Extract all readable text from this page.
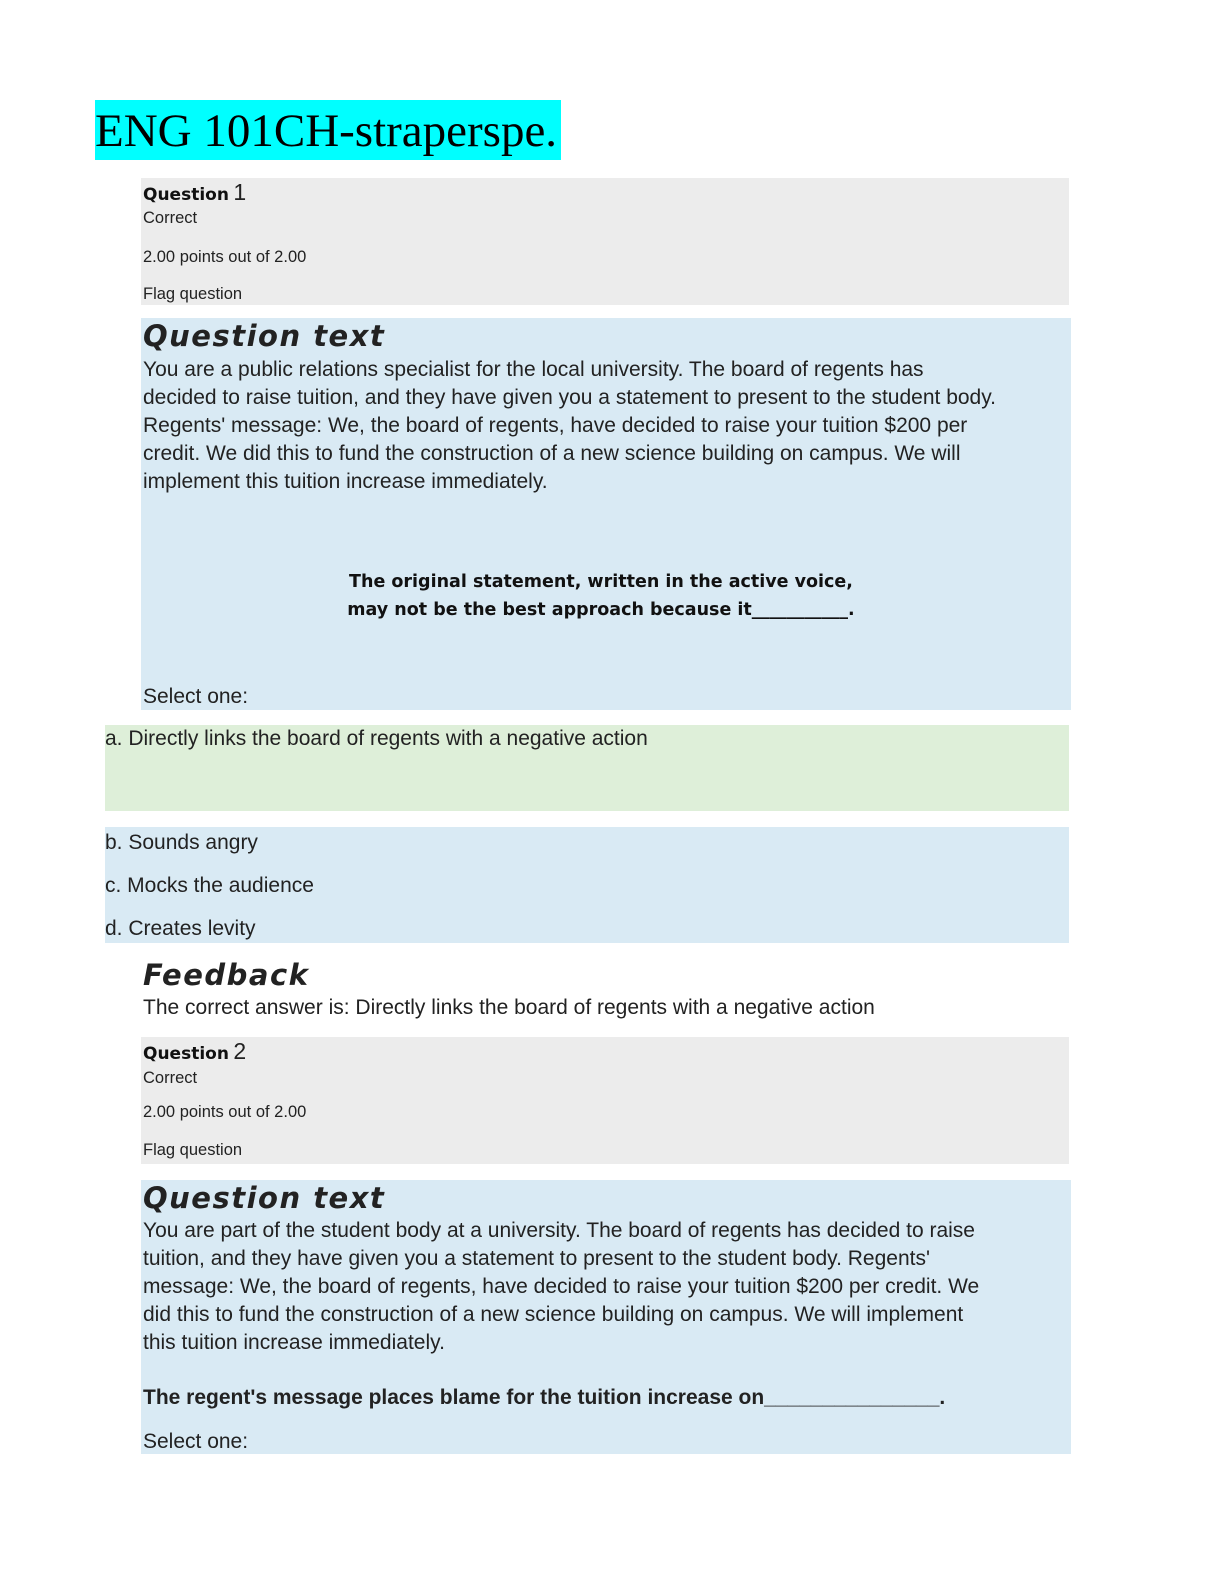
ENG 101CH-straperspe.
Question 1
Correct
2.00 points out of 2.00
Flag question
Question text
You are a public relations specialist for the local university. The board of regents has
decided to raise tuition, and they have given you a statement to present to the student body.
Regents' message: We, the board of regents, have decided to raise your tuition $200 per
credit. We did this to fund the construction of a new science building on campus. We will
implement this tuition increase immediately.
The original statement, written in the active voice,
may not be the best approach because it___________.
Select one:
a. Directly links the board of regents with a negative action
b. Sounds angry
c. Mocks the audience
d. Creates levity
Feedback
The correct answer is: Directly links the board of regents with a negative action
Question 2
Correct
2.00 points out of 2.00
Flag question
Question text
You are part of the student body at a university. The board of regents has decided to raise
tuition, and they have given you a statement to present to the student body. Regents'
message: We, the board of regents, have decided to raise your tuition $200 per credit. We
did this to fund the construction of a new science building on campus. We will implement
this tuition increase immediately.
The regent's message places blame for the tuition increase on_______________.
Select one:
